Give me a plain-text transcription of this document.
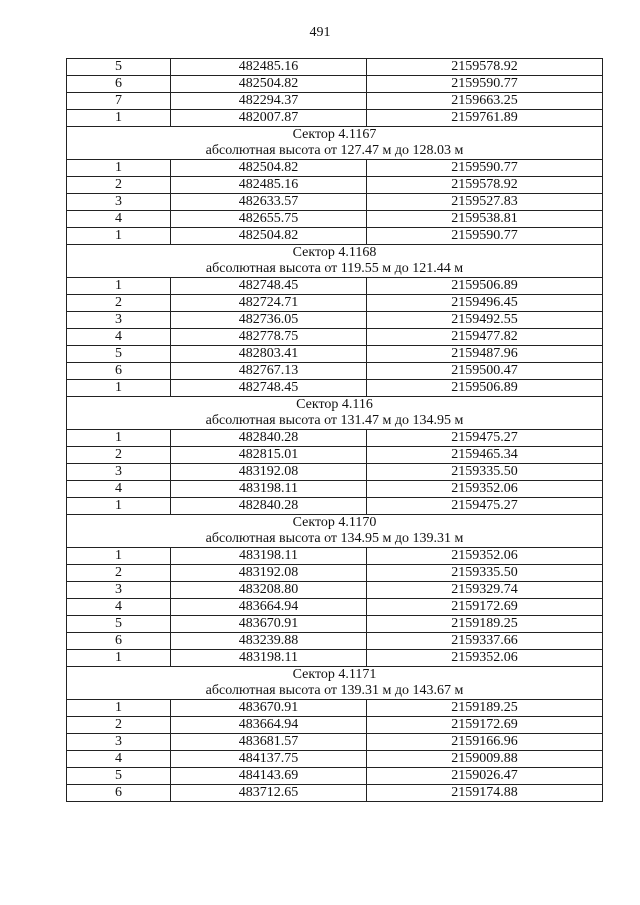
491
5	482485.16	2159578.92
6	482504.82	2159590.77
7	482294.37	2159663.25
1	482007.87	2159761.89
Сектор 4.1167		
абсолютная высота от 127.47 м до 128.03 м		
1	482504.82	2159590.77
2	482485.16	2159578.92
3	482633.57	2159527.83
4	482655.75	2159538.81
1	482504.82	2159590.77
Сектор 4.1168		
абсолютная высота от 119.55 м до 121.44 м		
1	482748.45	2159506.89
2	482724.71	2159496.45
3	482736.05	2159492.55
4	482778.75	2159477.82
5	482803.41	2159487.96
6	482767.13	2159500.47
1	482748.45	2159506.89
Сектор 4.116		
абсолютная высота от 131.47 м до 134.95 м		
1	482840.28	2159475.27
2	482815.01	2159465.34
3	483192.08	2159335.50
4	483198.11	2159352.06
1	482840.28	2159475.27
Сектор 4.1170		
абсолютная высота от 134.95 м до 139.31 м		
1	483198.11	2159352.06
2	483192.08	2159335.50
3	483208.80	2159329.74
4	483664.94	2159172.69
5	483670.91	2159189.25
6	483239.88	2159337.66
1	483198.11	2159352.06
Сектор 4.1171		
абсолютная высота от 139.31 м до 143.67 м		
1	483670.91	2159189.25
2	483664.94	2159172.69
3	483681.57	2159166.96
4	484137.75	2159009.88
5	484143.69	2159026.47
6	483712.65	2159174.88
